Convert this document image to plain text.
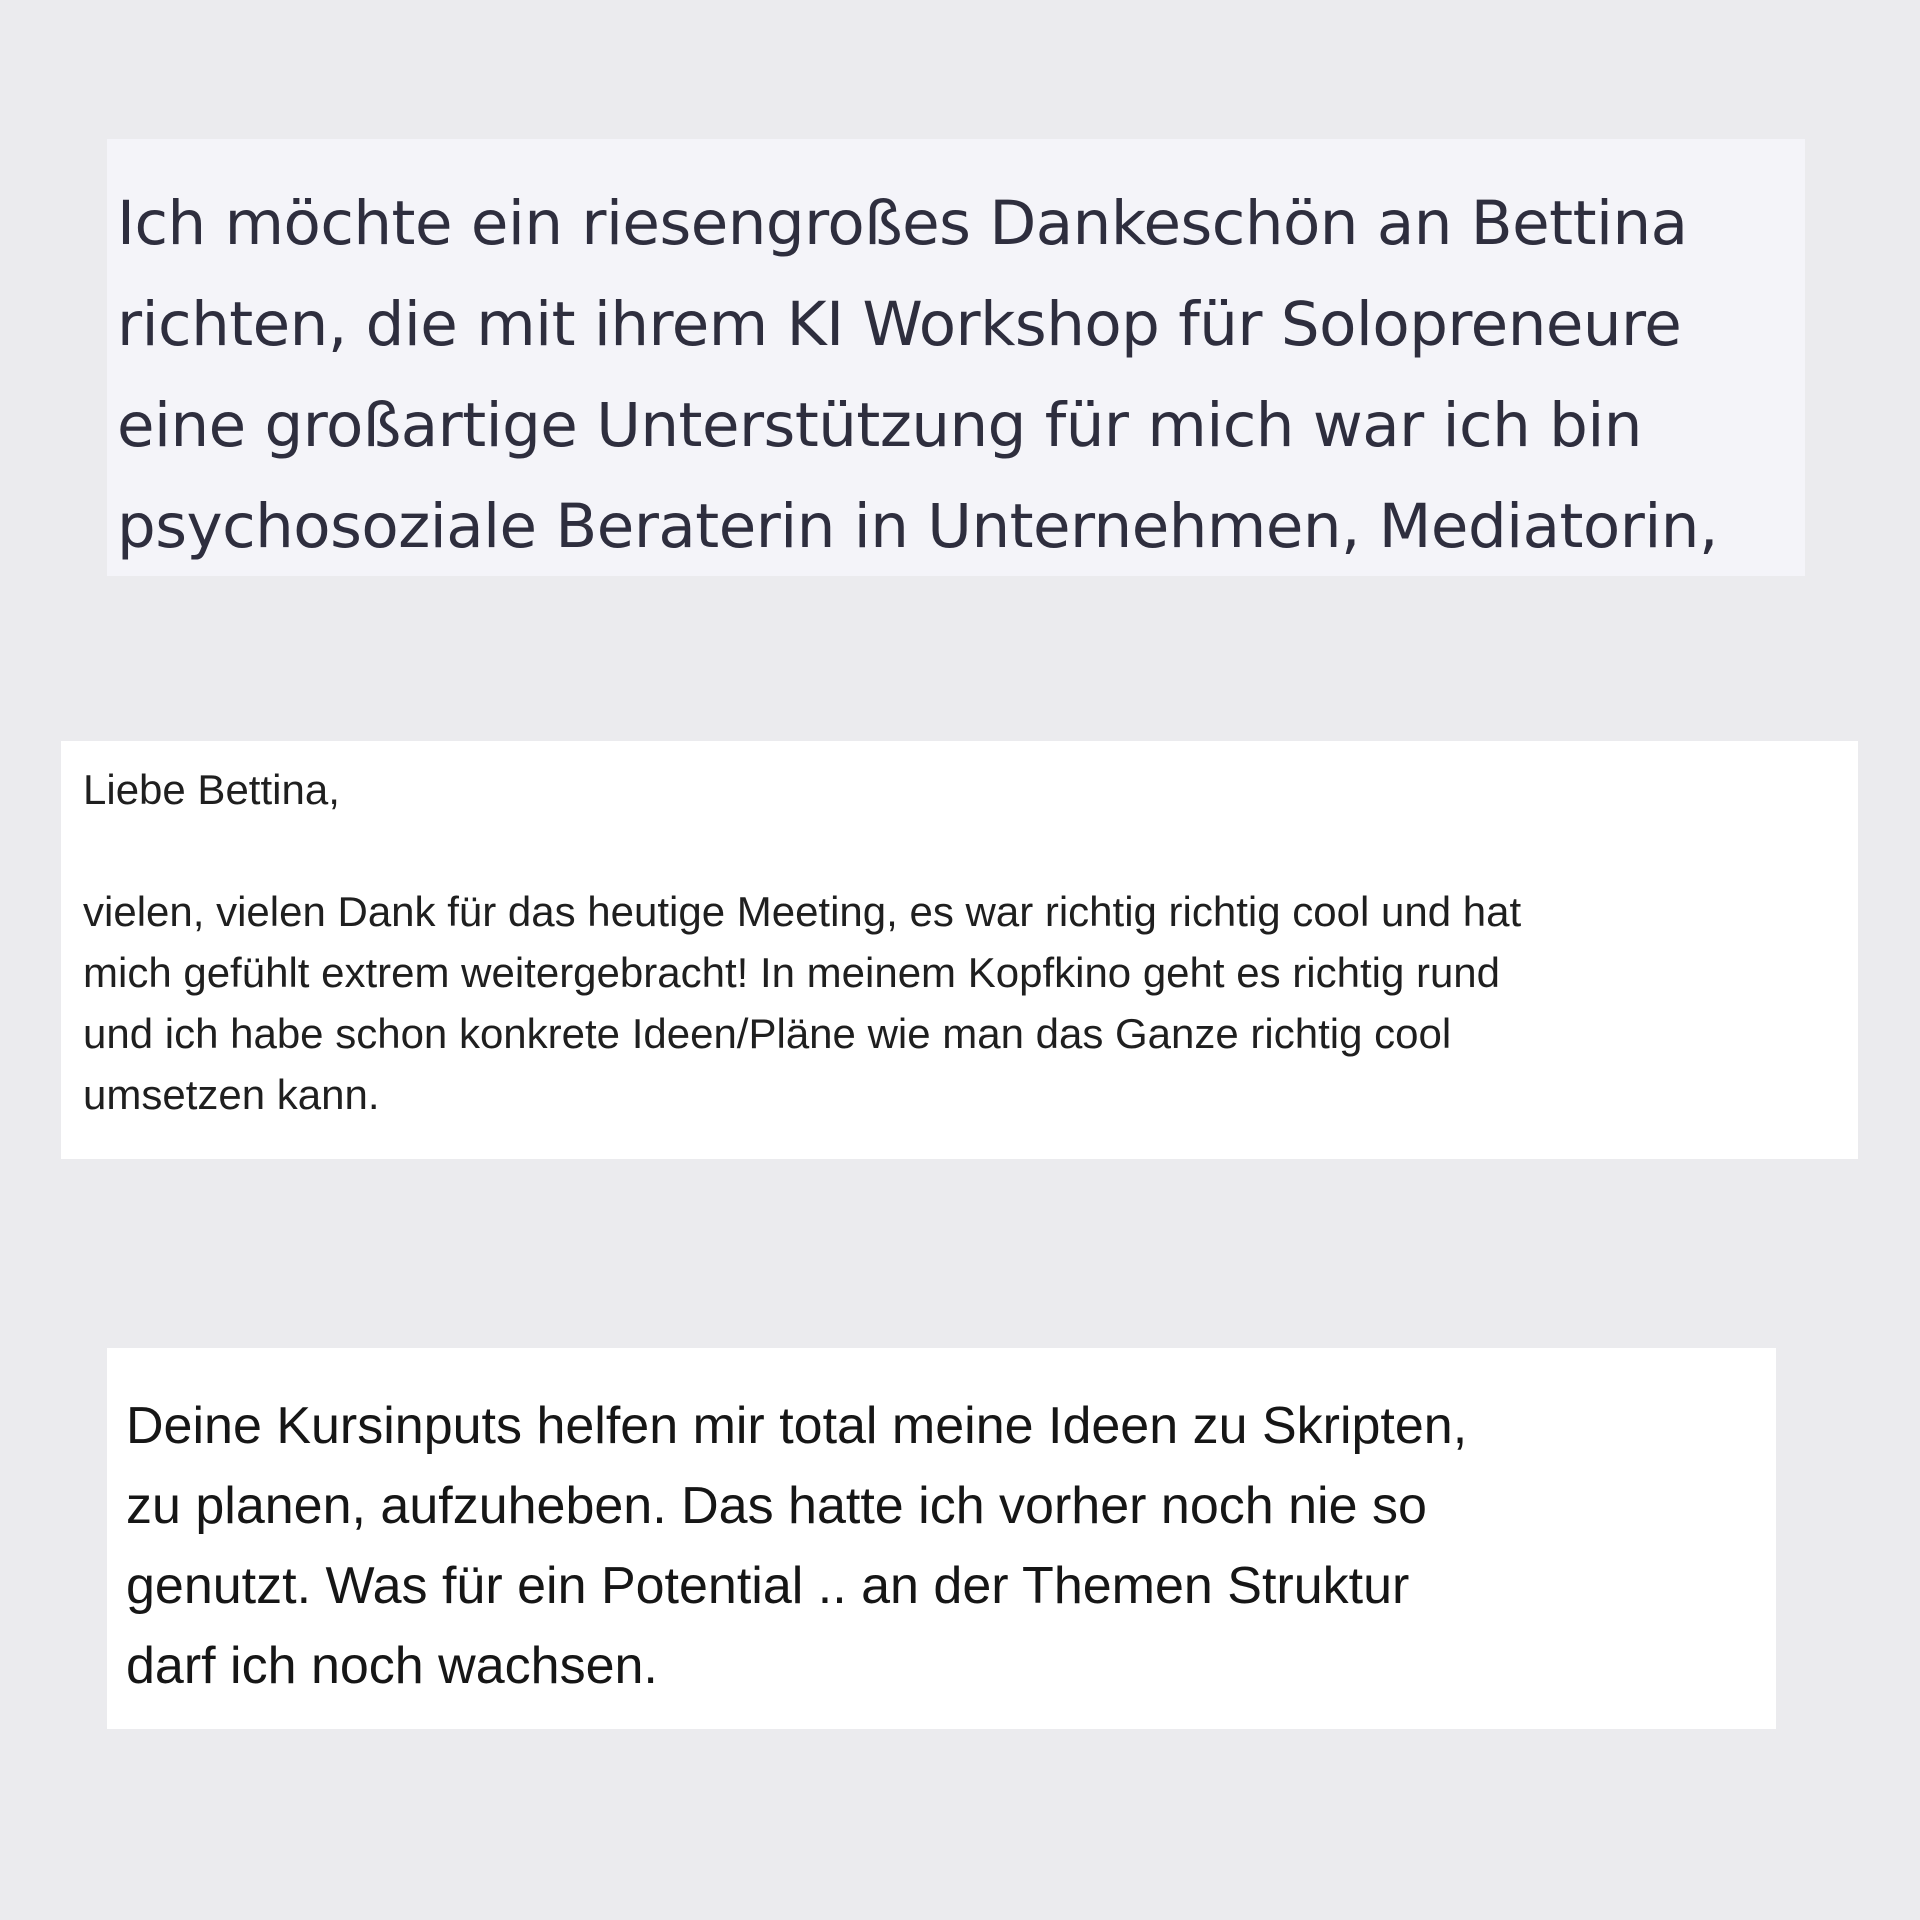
Ich möchte ein riesengroßes Dankeschön an Bettina
richten, die mit ihrem KI Workshop für Solopreneure
eine großartige Unterstützung für mich war ich bin
psychosoziale Beraterin in Unternehmen, Mediatorin,

Liebe Bettina,

vielen, vielen Dank für das heutige Meeting, es war richtig richtig cool und hat
mich gefühlt extrem weitergebracht! In meinem Kopfkino geht es richtig rund
und ich habe schon konkrete Ideen/Pläne wie man das Ganze richtig cool
umsetzen kann.

Deine Kursinputs helfen mir total meine Ideen zu Skripten,
zu planen, aufzuheben. Das hatte ich vorher noch nie so
genutzt. Was für ein Potential .. an der Themen Struktur
darf ich noch wachsen.
